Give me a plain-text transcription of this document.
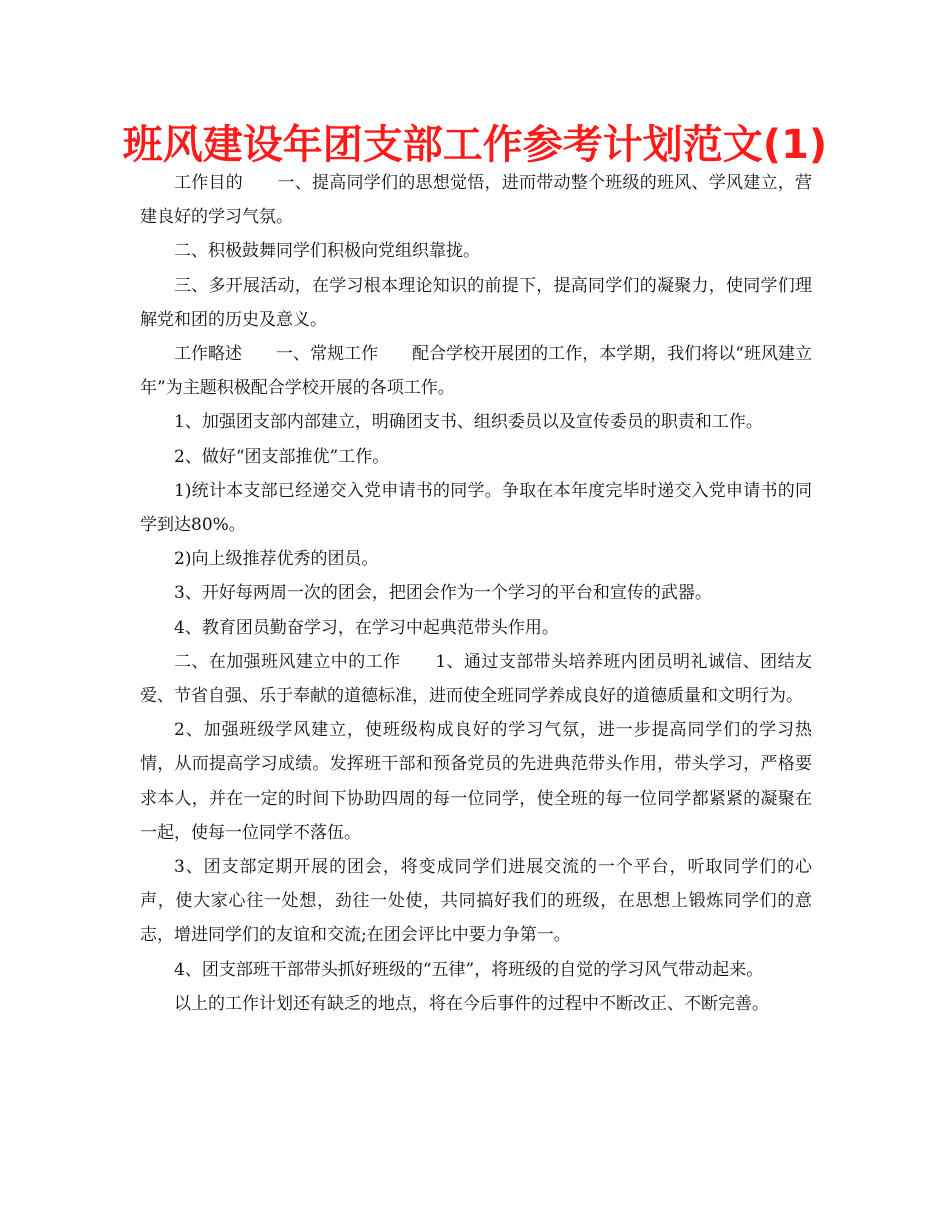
班风建设年团支部工作参考计划范文(1)

工作目的　　一、提高同学们的思想觉悟，进而带动整个班级的班风、学风建立，营建良好的学习气氛。

二、积极鼓舞同学们积极向党组织靠拢。

三、多开展活动，在学习根本理论知识的前提下，提高同学们的凝聚力，使同学们理解党和团的历史及意义。

工作略述　　一、常规工作　　配合学校开展团的工作，本学期，我们将以“班风建立年”为主题积极配合学校开展的各项工作。

1、加强团支部内部建立，明确团支书、组织委员以及宣传委员的职责和工作。

2、做好“团支部推优”工作。

1)统计本支部已经递交入党申请书的同学。争取在本年度完毕时递交入党申请书的同学到达80%。

2)向上级推荐优秀的团员。

3、开好每两周一次的团会，把团会作为一个学习的平台和宣传的武器。

4、教育团员勤奋学习，在学习中起典范带头作用。

二、在加强班风建立中的工作　　1、通过支部带头培养班内团员明礼诚信、团结友爱、节省自强、乐于奉献的道德标准，进而使全班同学养成良好的道德质量和文明行为。

2、加强班级学风建立，使班级构成良好的学习气氛，进一步提高同学们的学习热情，从而提高学习成绩。发挥班干部和预备党员的先进典范带头作用，带头学习，严格要求本人，并在一定的时间下协助四周的每一位同学，使全班的每一位同学都紧紧的凝聚在一起，使每一位同学不落伍。

3、团支部定期开展的团会，将变成同学们进展交流的一个平台，听取同学们的心声，使大家心往一处想，劲往一处使，共同搞好我们的班级，在思想上锻炼同学们的意志，增进同学们的友谊和交流;在团会评比中要力争第一。

4、团支部班干部带头抓好班级的“五律”，将班级的自觉的学习风气带动起来。

以上的工作计划还有缺乏的地点，将在今后事件的过程中不断改正、不断完善。
